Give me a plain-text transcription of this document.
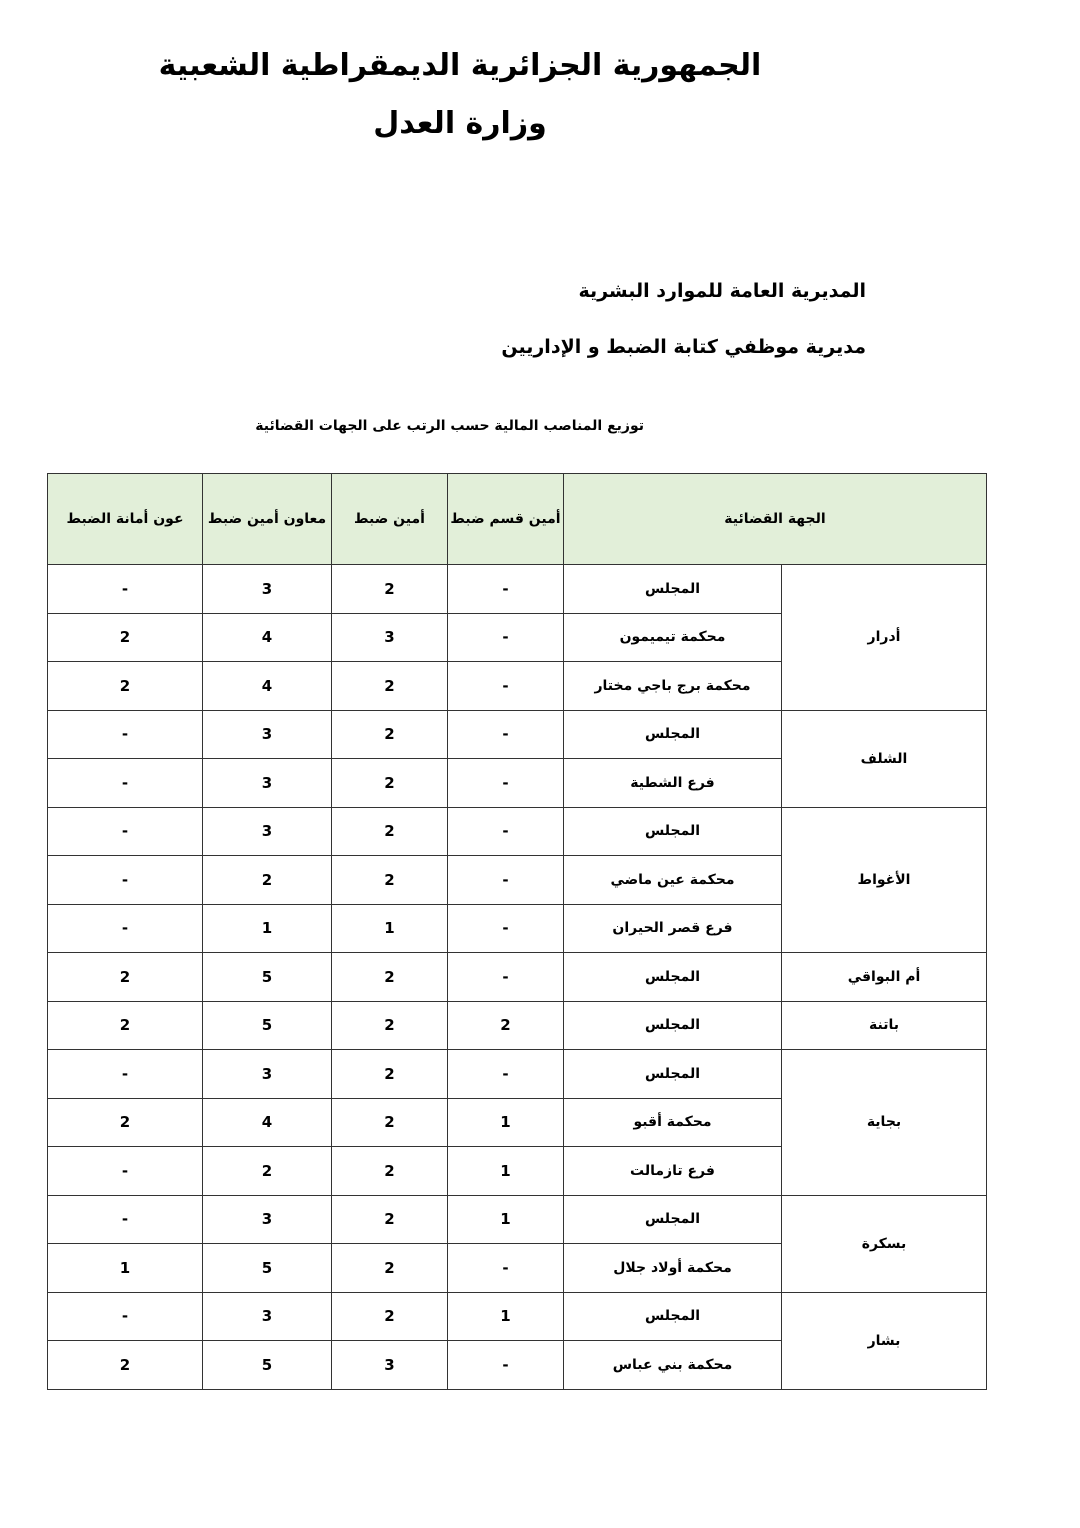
الجمهورية الجزائرية الديمقراطية الشعبية
وزارة العدل

المديرية العامة للموارد البشرية

مديرية موظفي كتابة الضبط و الإداريين

توزيع المناصب المالية حسب الرتب على الجهات القضائية

الجهة القضائية		أمين قسم ضبط	أمين ضبط	معاون أمين ضبط	عون أمانة الضبط
أدرار	المجلس	-	2	3	-
	محكمة تيميمون	-	3	4	2
	محكمة برج باجي مختار	-	2	4	2
الشلف	المجلس	-	2	3	-
	فرع الشطية	-	2	3	-
الأغواط	المجلس	-	2	3	-
	محكمة عين ماضي	-	2	2	-
	فرع قصر الحيران	-	1	1	-
أم البواقي	المجلس	-	2	5	2
باتنة	المجلس	2	2	5	2
بجاية	المجلس	-	2	3	-
	محكمة أقبو	1	2	4	2
	فرع تازمالت	1	2	2	-
بسكرة	المجلس	1	2	3	-
	محكمة أولاد جلال	-	2	5	1
بشار	المجلس	1	2	3	-
	محكمة بني عباس	-	3	5	2
